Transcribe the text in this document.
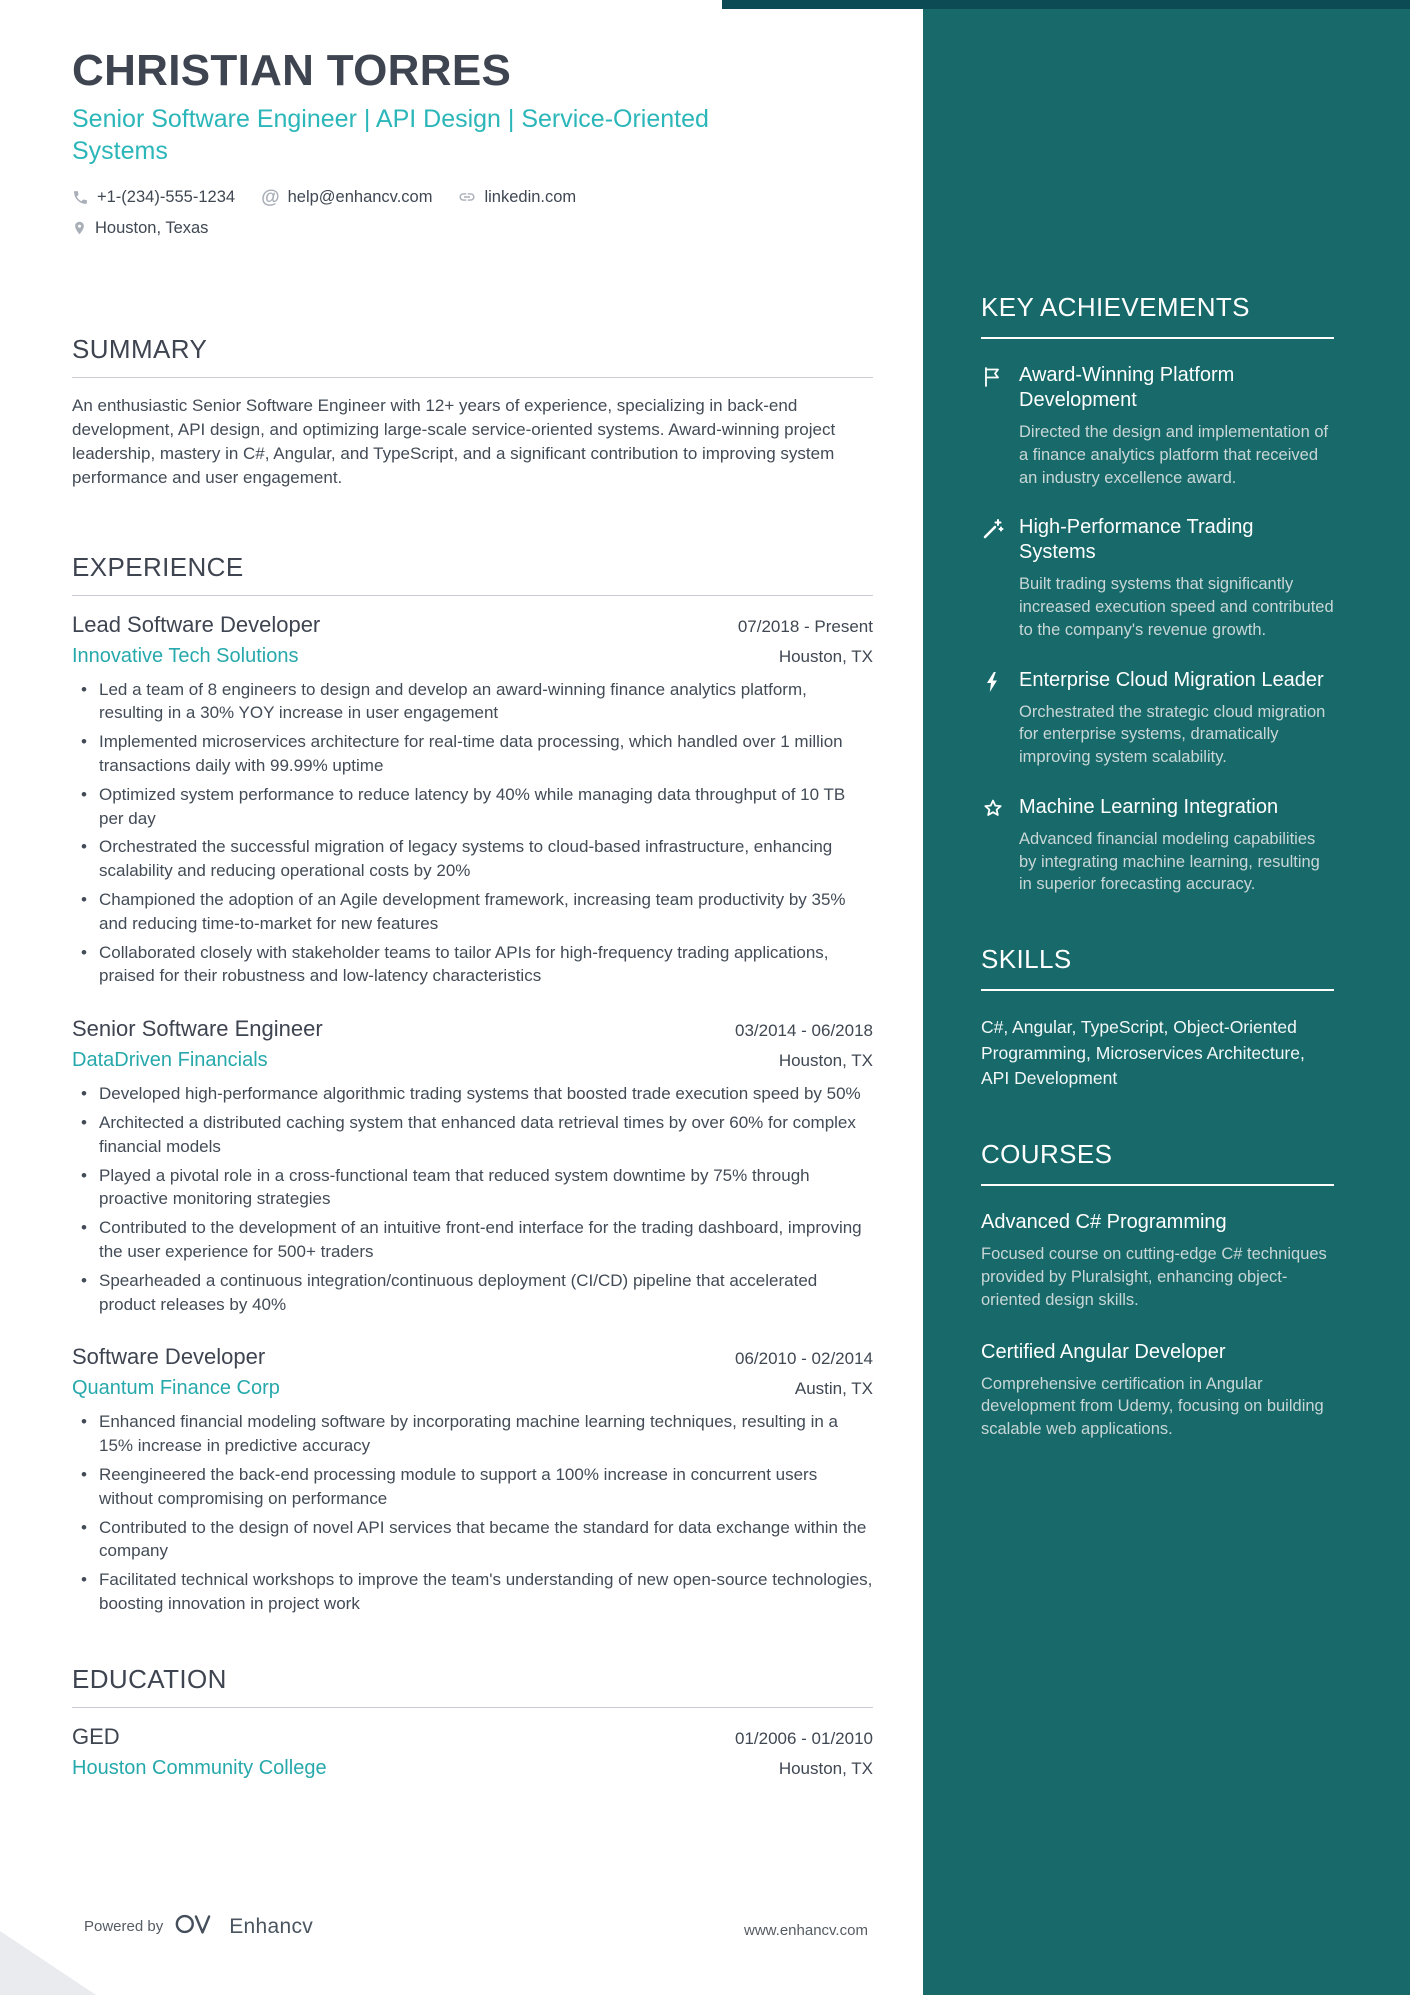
CHRISTIAN TORRES
Senior Software Engineer | API Design | Service-Oriented Systems
+1-(234)-555-1234 @ help@enhancv.com	linkedin.com
Houston, Texas
SUMMARY

An enthusiastic Senior Software Engineer with 12+ years of experience, specializing in back-end development, API design, and optimizing large-scale service-oriented systems. Award-winning project leadership, mastery in C#, Angular, and TypeScript, and a significant contribution to improving system performance and user engagement.

EXPERIENCE
Lead Software Developer	07/2018 - Present
Innovative Tech Solutions	Houston, TX
• Led a team of 8 engineers to design and develop an award-winning finance analytics platform, resulting in a 30% YOY increase in user engagement
• Implemented microservices architecture for real-time data processing, which handled over 1 million transactions daily with 99.99% uptime
• Optimized system performance to reduce latency by 40% while managing data throughput of 10 TB per day
• Orchestrated the successful migration of legacy systems to cloud-based infrastructure, enhancing scalability and reducing operational costs by 20%
• Championed the adoption of an Agile development framework, increasing team productivity by 35% and reducing time-to-market for new features
• Collaborated closely with stakeholder teams to tailor APIs for high-frequency trading applications, praised for their robustness and low-latency characteristics
Senior Software Engineer	03/2014 - 06/2018
DataDriven Financials	Houston, TX
• Developed high-performance algorithmic trading systems that boosted trade execution speed by 50%
• Architected a distributed caching system that enhanced data retrieval times by over 60% for complex financial models
• Played a pivotal role in a cross-functional team that reduced system downtime by 75% through proactive monitoring strategies
• Contributed to the development of an intuitive front-end interface for the trading dashboard, improving the user experience for 500+ traders
• Spearheaded a continuous integration/continuous deployment (CI/CD) pipeline that accelerated product releases by 40%
Software Developer	06/2010 - 02/2014
Quantum Finance Corp	Austin, TX
• Enhanced financial modeling software by incorporating machine learning techniques, resulting in a 15% increase in predictive accuracy
• Reengineered the back-end processing module to support a 100% increase in concurrent users without compromising on performance
• Contributed to the design of novel API services that became the standard for data exchange within the company
• Facilitated technical workshops to improve the team's understanding of new open-source technologies, boosting innovation in project work
EDUCATION
GED	01/2006 - 01/2010
Houston Community College	Houston, TX
KEY ACHIEVEMENTS
Award-Winning Platform Development

Directed the design and implementation of a finance analytics platform that received an industry excellence award.

High-Performance Trading Systems

Built trading systems that significantly increased execution speed and contributed to the company's revenue growth.

Enterprise Cloud Migration Leader

Orchestrated the strategic cloud migration for enterprise systems, dramatically improving system scalability.

Machine Learning Integration

Advanced financial modeling capabilities by integrating machine learning, resulting in superior forecasting accuracy.

SKILLS

C#, Angular, TypeScript, Object-Oriented Programming, Microservices Architecture, API Development

COURSES
Advanced C# Programming

Focused course on cutting-edge C# techniques provided by Pluralsight, enhancing object-oriented design skills.

Certified Angular Developer

Comprehensive certification in Angular development from Udemy, focusing on building scalable web applications.

Powered by	Enhancv	www.enhancv.com
